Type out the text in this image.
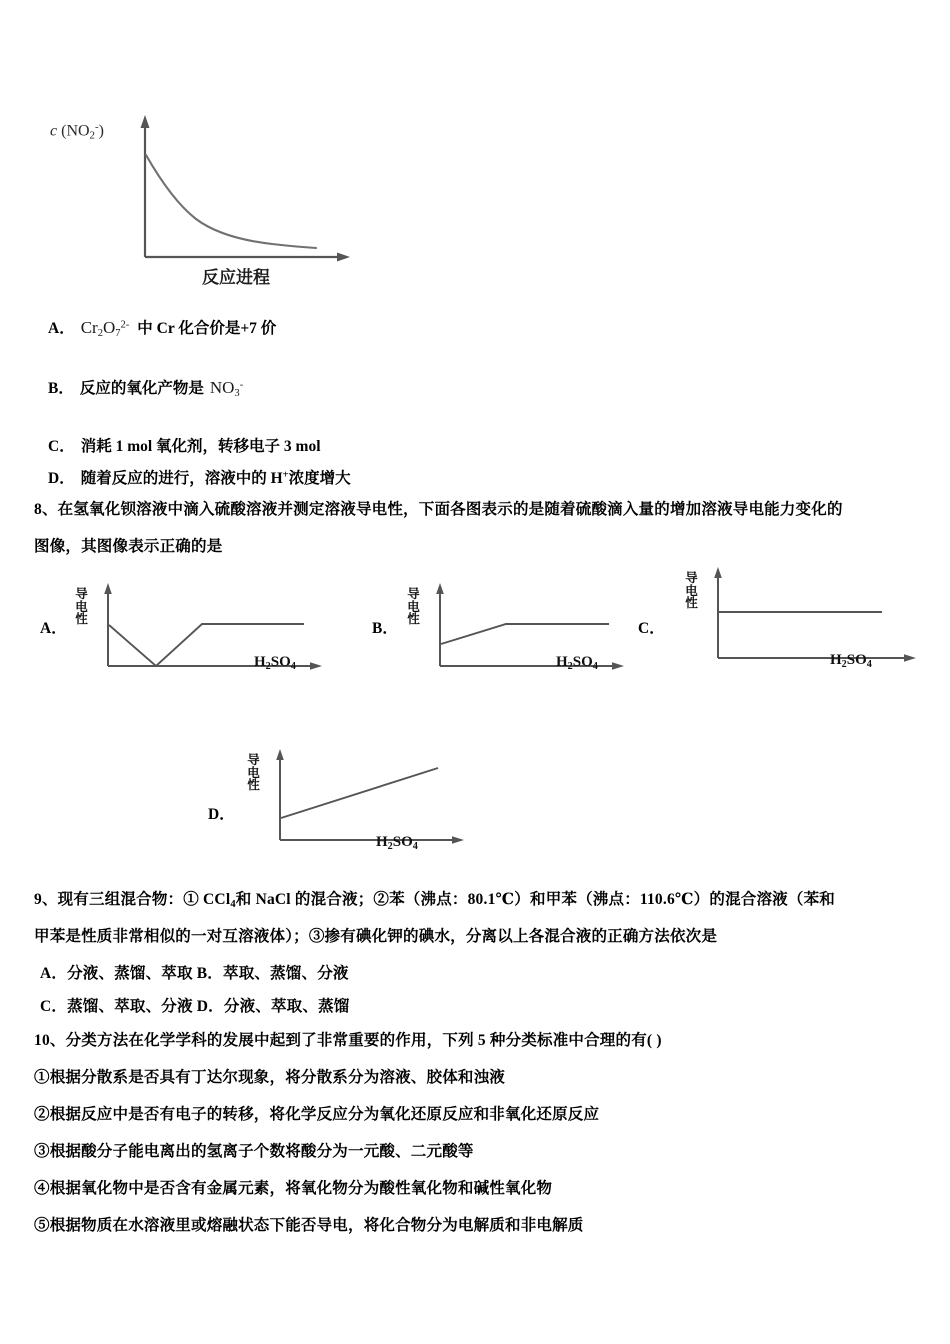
c $(NO_2^-)$
反应进程
A． $Cr_2O_7^{2-}$ 中 Cr 化合价是+7 价
B． 反应的氧化产物是 $NO_3^-$
C． 消耗 1 mol 氧化剂，转移电子 3 mol
D． 随着反应的进行，溶液中的 H+浓度增大
8、在氢氧化钡溶液中滴入硫酸溶液并测定溶液导电性，下面各图表示的是随着硫酸滴入量的增加溶液导电能力变化的
图像，其图像表示正确的是
A．
导
电
性
$H_2SO_4$
B．
导
电
性
$H_2SO_4$
C．
导
电
性
$H_2SO_4$
D．
导
电
性
$H_2SO_4$
9、现有三组混合物：① CCl$_4$和 NaCl 的混合液；②苯（沸点：80.1℃）和甲苯（沸点：110.6℃）的混合溶液（苯和
甲苯是性质非常相似的一对互溶液体）；③掺有碘化钾的碘水，分离以上各混合液的正确方法依次是
A．分液、蒸馏、萃取 B．萃取、蒸馏、分液
C．蒸馏、萃取、分液 D．分液、萃取、蒸馏
10、分类方法在化学学科的发展中起到了非常重要的作用，下列 5 种分类标准中合理的有( )
①根据分散系是否具有丁达尔现象，将分散系分为溶液、胶体和浊液
②根据反应中是否有电子的转移，将化学反应分为氧化还原反应和非氧化还原反应
③根据酸分子能电离出的氢离子个数将酸分为一元酸、二元酸等
④根据氧化物中是否含有金属元素，将氧化物分为酸性氧化物和碱性氧化物
⑤根据物质在水溶液里或熔融状态下能否导电，将化合物分为电解质和非电解质
